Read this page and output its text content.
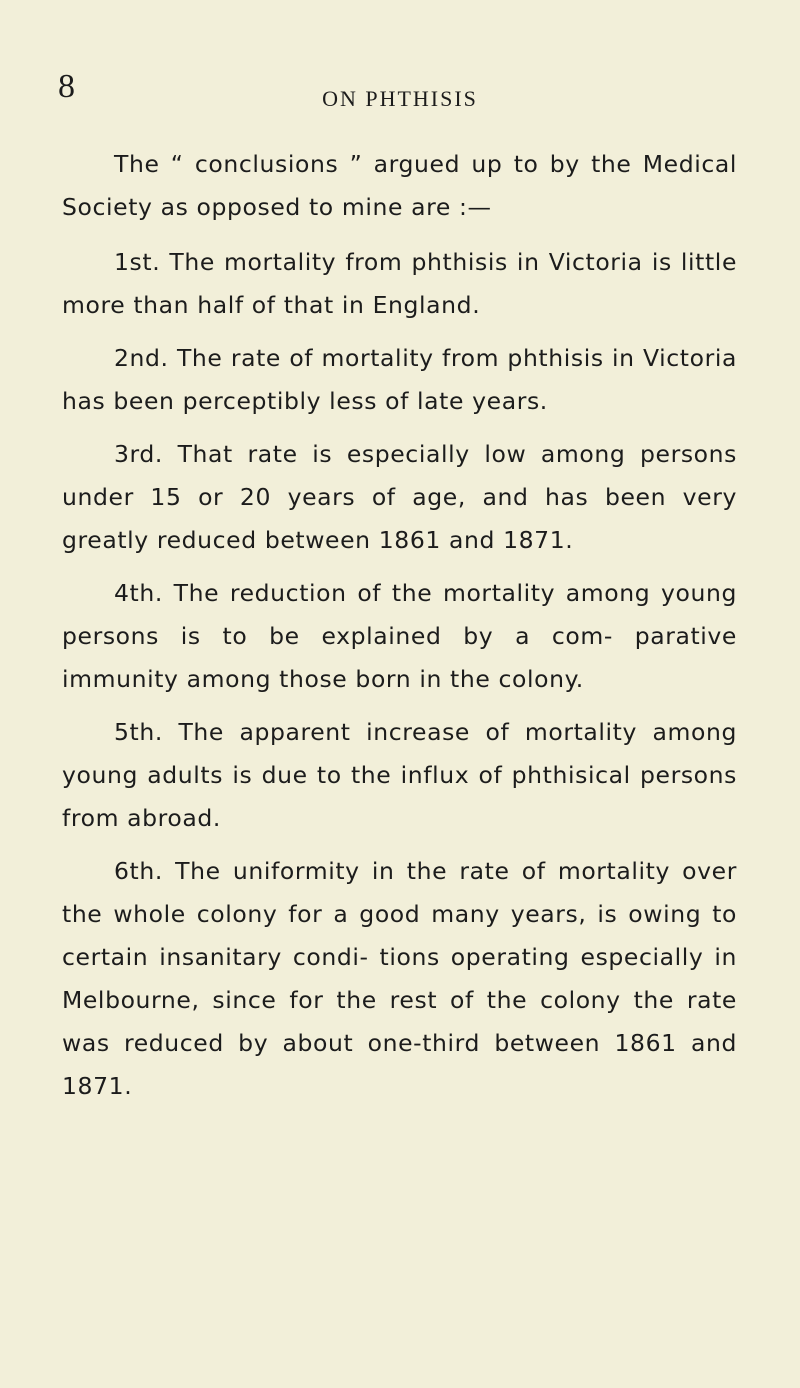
8	ON PHTHISIS

The “ conclusions ” argued up to by the Medical Society as opposed to mine are :—

1st. The mortality from phthisis in Victoria is little more than half of that in England.

2nd. The rate of mortality from phthisis in Victoria has been perceptibly less of late years.

3rd. That rate is especially low among persons under 15 or 20 years of age, and has been very greatly reduced between 1861 and 1871.

4th. The reduction of the mortality among young persons is to be explained by a com- parative immunity among those born in the colony.

5th. The apparent increase of mortality among young adults is due to the influx of phthisical persons from abroad.

6th. The uniformity in the rate of mortality over the whole colony for a good many years, is owing to certain insanitary condi- tions operating especially in Melbourne, since for the rest of the colony the rate was reduced by about one-third between 1861 and 1871.
